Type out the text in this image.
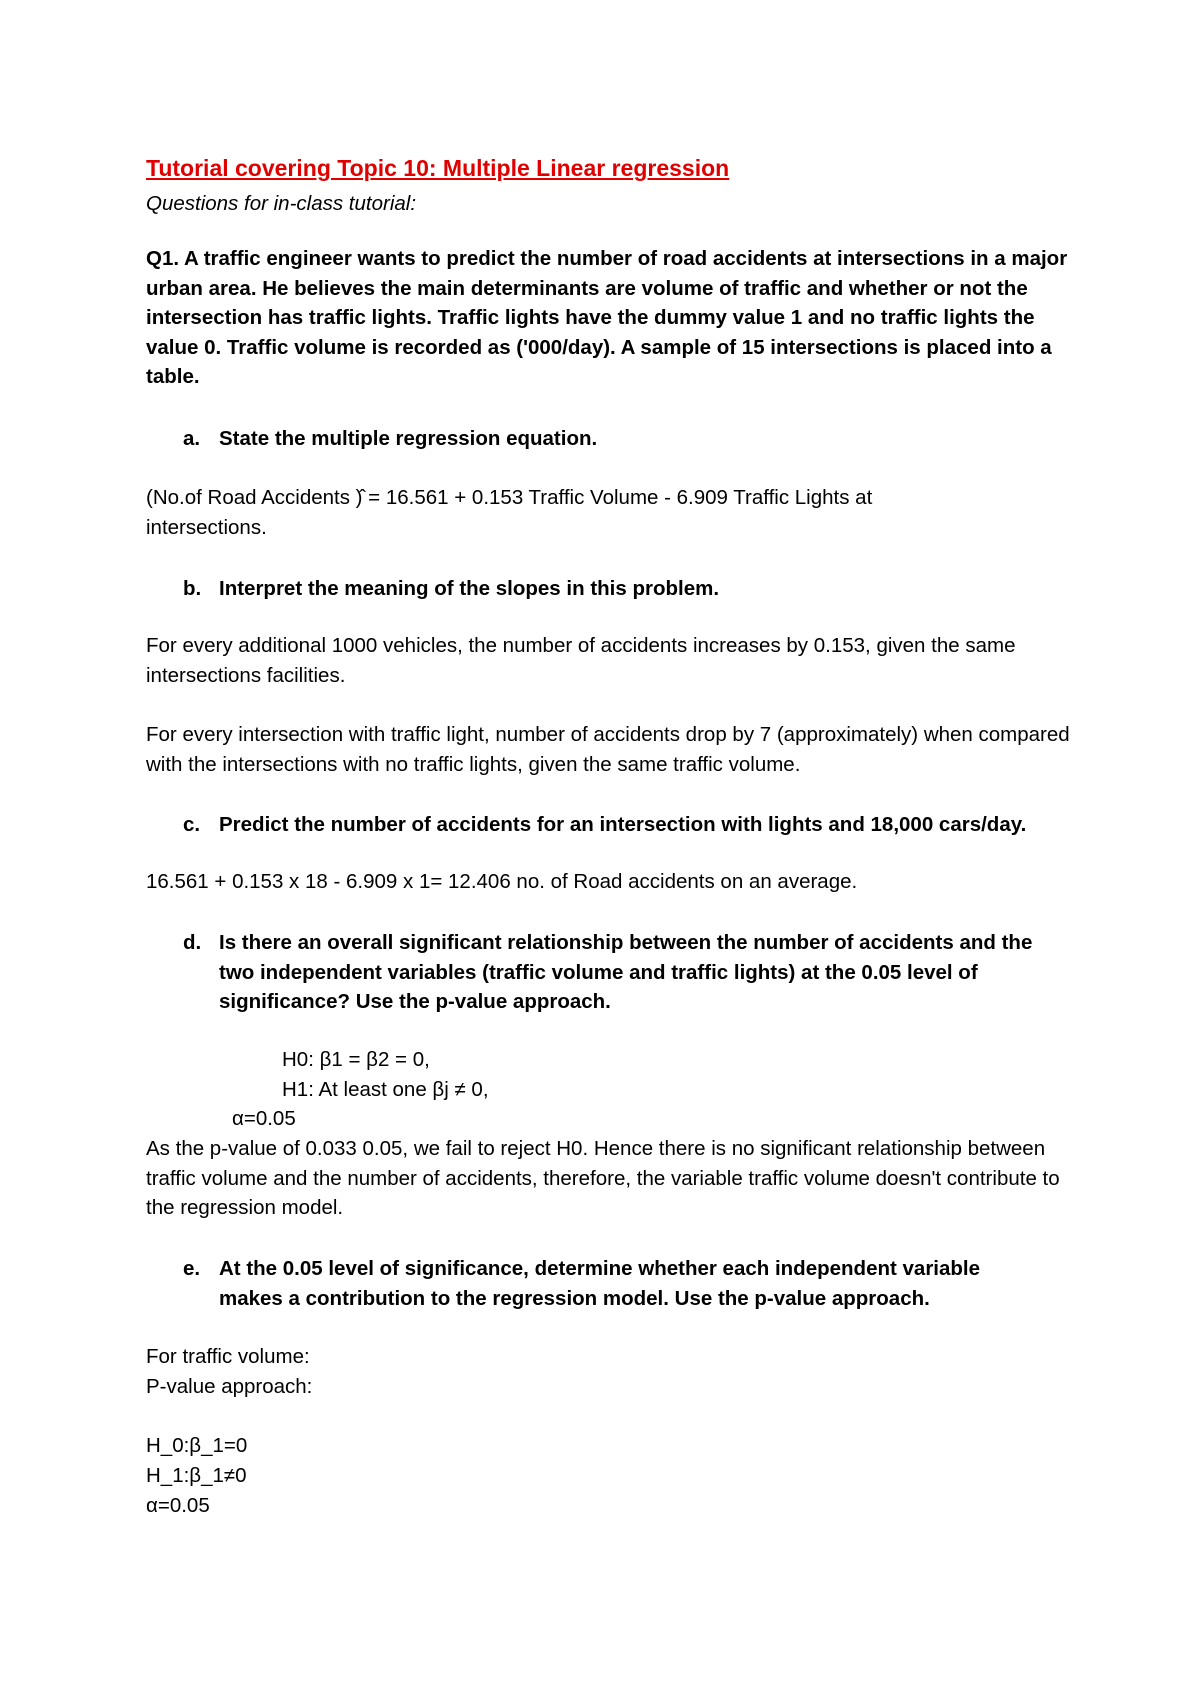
Tutorial covering Topic 10: Multiple Linear regression
Questions for in-class tutorial:
Q1. A traffic engineer wants to predict the number of road accidents at intersections in a major urban area. He believes the main determinants are volume of traffic and whether or not the intersection has traffic lights. Traffic lights have the dummy value 1 and no traffic lights the value 0. Traffic volume is recorded as ('000/day). A sample of 15 intersections is placed into a table.
a. State the multiple regression equation.
(No.of Road Accidents )̂ = 16.561 + 0.153 Traffic Volume - 6.909 Traffic Lights at intersections.
b. Interpret the meaning of the slopes in this problem.
For every additional 1000 vehicles, the number of accidents increases by 0.153, given the same intersections facilities.
For every intersection with traffic light, number of accidents drop by 7 (approximately) when compared with the intersections with no traffic lights, given the same traffic volume.
c. Predict the number of accidents for an intersection with lights and 18,000 cars/day.
16.561 + 0.153 x 18 - 6.909 x 1= 12.406 no. of Road accidents on an average.
d. Is there an overall significant relationship between the number of accidents and the two independent variables (traffic volume and traffic lights) at the 0.05 level of significance? Use the p-value approach.
H0: β1 = β2 = 0,
H1: At least one βj ≠ 0,
α=0.05
As the p-value of 0.033 0.05, we fail to reject H0. Hence there is no significant relationship between traffic volume and the number of accidents, therefore, the variable traffic volume doesn't contribute to the regression model.
e. At the 0.05 level of significance, determine whether each independent variable makes a contribution to the regression model. Use the p-value approach.
For traffic volume:
P-value approach:
H_0:β_1=0
H_1:β_1≠0
α=0.05
